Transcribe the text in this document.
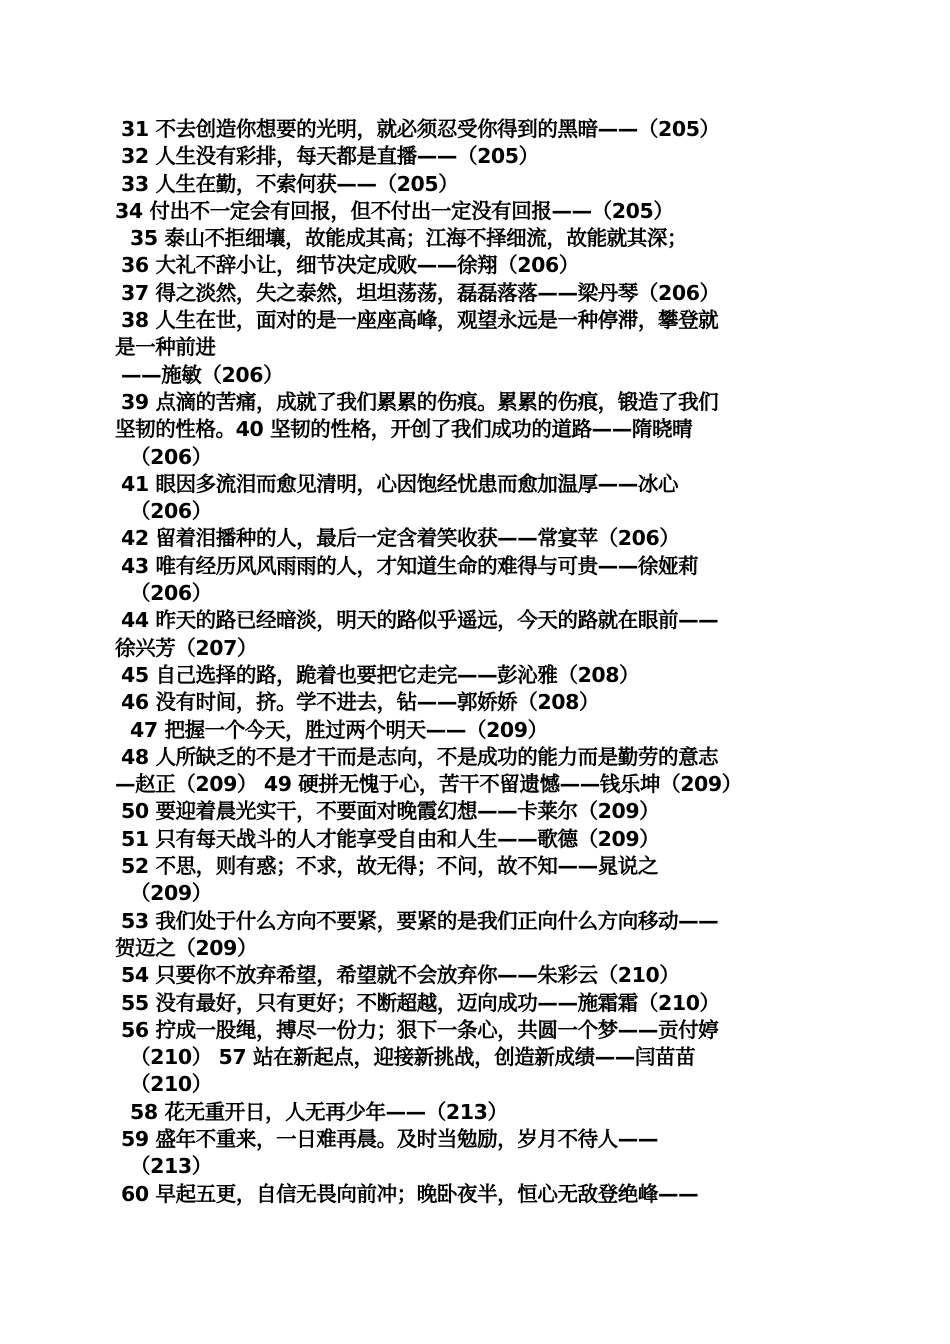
31 不去创造你想要的光明，就必须忍受你得到的黑暗——（205）
32 人生没有彩排，每天都是直播——（205）
33 人生在勤，不索何获——（205）
34 付出不一定会有回报，但不付出一定没有回报——（205）
35 泰山不拒细壤，故能成其高；江海不择细流，故能就其深；
36 大礼不辞小让，细节决定成败——徐翔（206）
37 得之淡然，失之泰然，坦坦荡荡，磊磊落落——梁丹琴（206）
38 人生在世，面对的是一座座高峰，观望永远是一种停滞，攀登就
是一种前进
——施敏（206）
39 点滴的苦痛，成就了我们累累的伤痕。累累的伤痕，锻造了我们
坚韧的性格。40 坚韧的性格，开创了我们成功的道路——隋晓晴
（206）
41 眼因多流泪而愈见清明，心因饱经忧患而愈加温厚——冰心
（206）
42 留着泪播种的人，最后一定含着笑收获——常宴苹（206）
43 唯有经历风风雨雨的人，才知道生命的难得与可贵——徐娅莉
（206）
44 昨天的路已经暗淡，明天的路似乎遥远，今天的路就在眼前——
徐兴芳（207）
45 自己选择的路，跪着也要把它走完——彭沁雅（208）
46 没有时间，挤。学不进去，钻——郭娇娇（208）
47 把握一个今天，胜过两个明天——（209）
48 人所缺乏的不是才干而是志向，不是成功的能力而是勤劳的意志
—赵正（209） 49 硬拼无愧于心，苦干不留遗憾——钱乐坤（209）
50 要迎着晨光实干，不要面对晚霞幻想——卡莱尔（209）
51 只有每天战斗的人才能享受自由和人生——歌德（209）
52 不思，则有惑；不求，故无得；不问，故不知——晁说之
（209）
53 我们处于什么方向不要紧，要紧的是我们正向什么方向移动——
贺迈之（209）
54 只要你不放弃希望，希望就不会放弃你——朱彩云（210）
55 没有最好，只有更好；不断超越，迈向成功——施霜霜（210）
56 拧成一股绳，搏尽一份力；狠下一条心，共圆一个梦——贡付婷
（210） 57 站在新起点，迎接新挑战，创造新成绩——闫苗苗
（210）
58 花无重开日，人无再少年——（213）
59 盛年不重来，一日难再晨。及时当勉励，岁月不待人——
（213）
60 早起五更，自信无畏向前冲；晚卧夜半，恒心无敌登绝峰——
